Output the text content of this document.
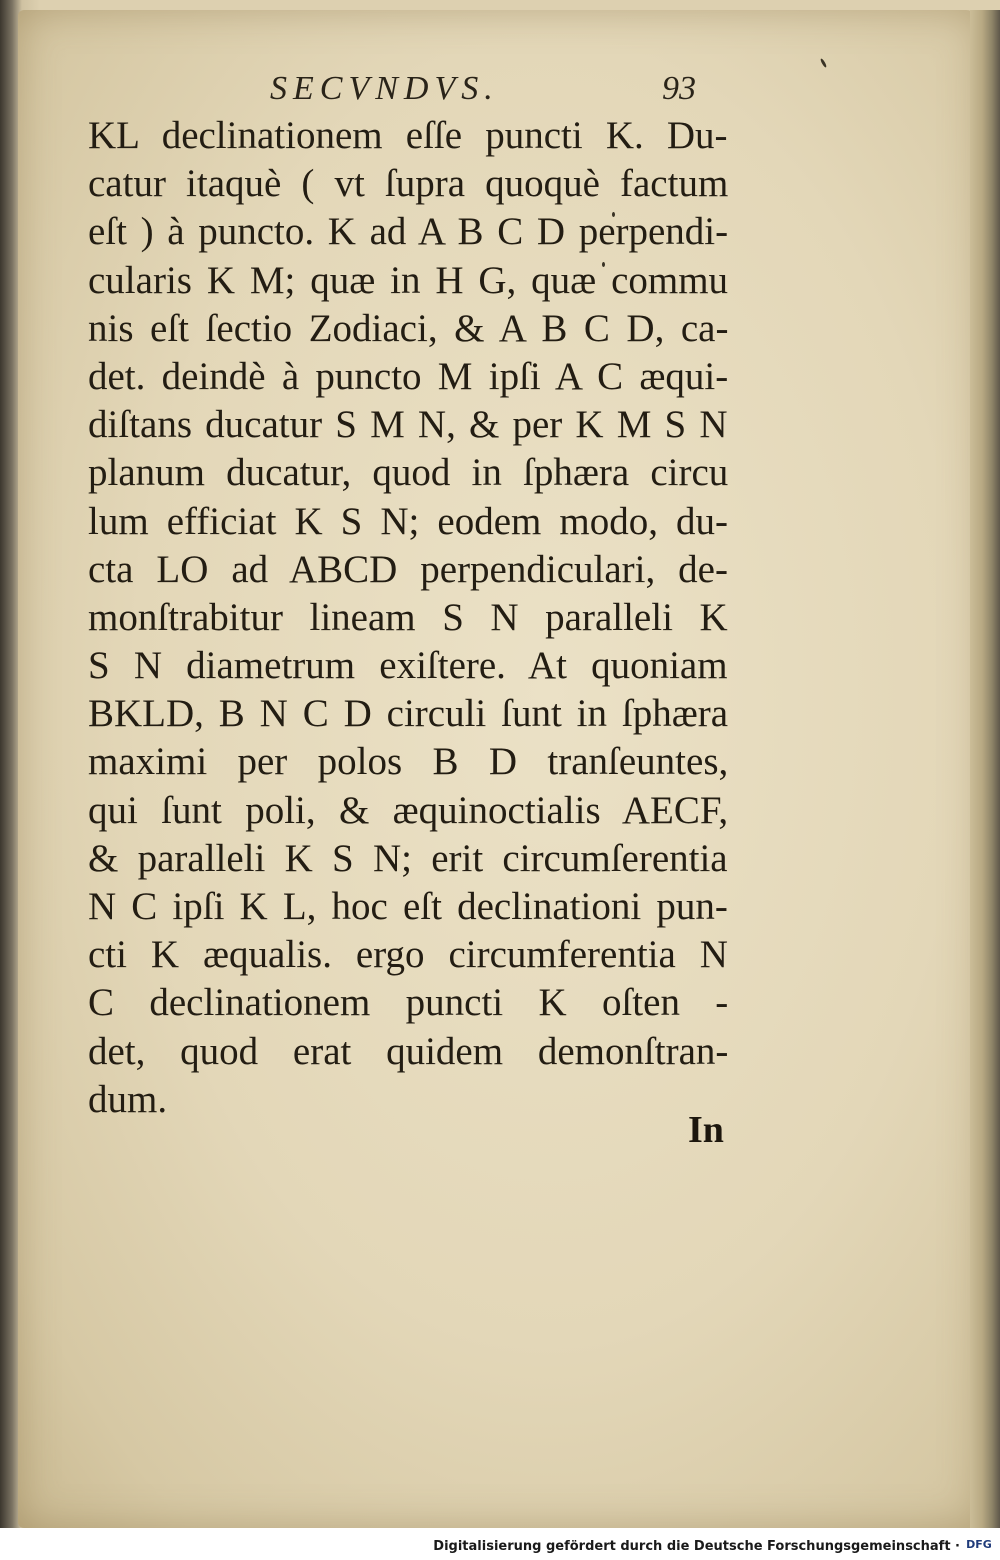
SECVNDVS.	93
KL declinationem eſſe puncti K. Du-
catur itaquè ( vt ſupra quoquè factum
eſt ) à puncto. K ad A B C D perpendi-
cularis K M; quæ in H G, quæ commu
nis eſt ſectio Zodiaci, & A B C D, ca-
det. deindè à puncto M ipſi A C æqui-
diſtans ducatur S M N, & per K M S N
planum ducatur, quod in ſphæra circu
lum efficiat K S N; eodem modo, du-
cta LO ad ABCD perpendiculari, de-
monſtrabitur lineam S N paralleli K
S N diametrum exiſtere. At quoniam
BKLD, B N C D circuli ſunt in ſphæra
maximi per polos B D tranſeuntes,
qui ſunt poli, & æquinoctialis AECF,
& paralleli K S N; erit circumſerentia
N C ipſi K L, hoc eſt declinationi pun-
cti K æqualis. ergo circumferentia N
C declinationem puncti K oſten -
det, quod erat quidem demonſtran-
dum.
In
Digitalisierung gefördert durch die Deutsche Forschungsgemeinschaft · DFG
